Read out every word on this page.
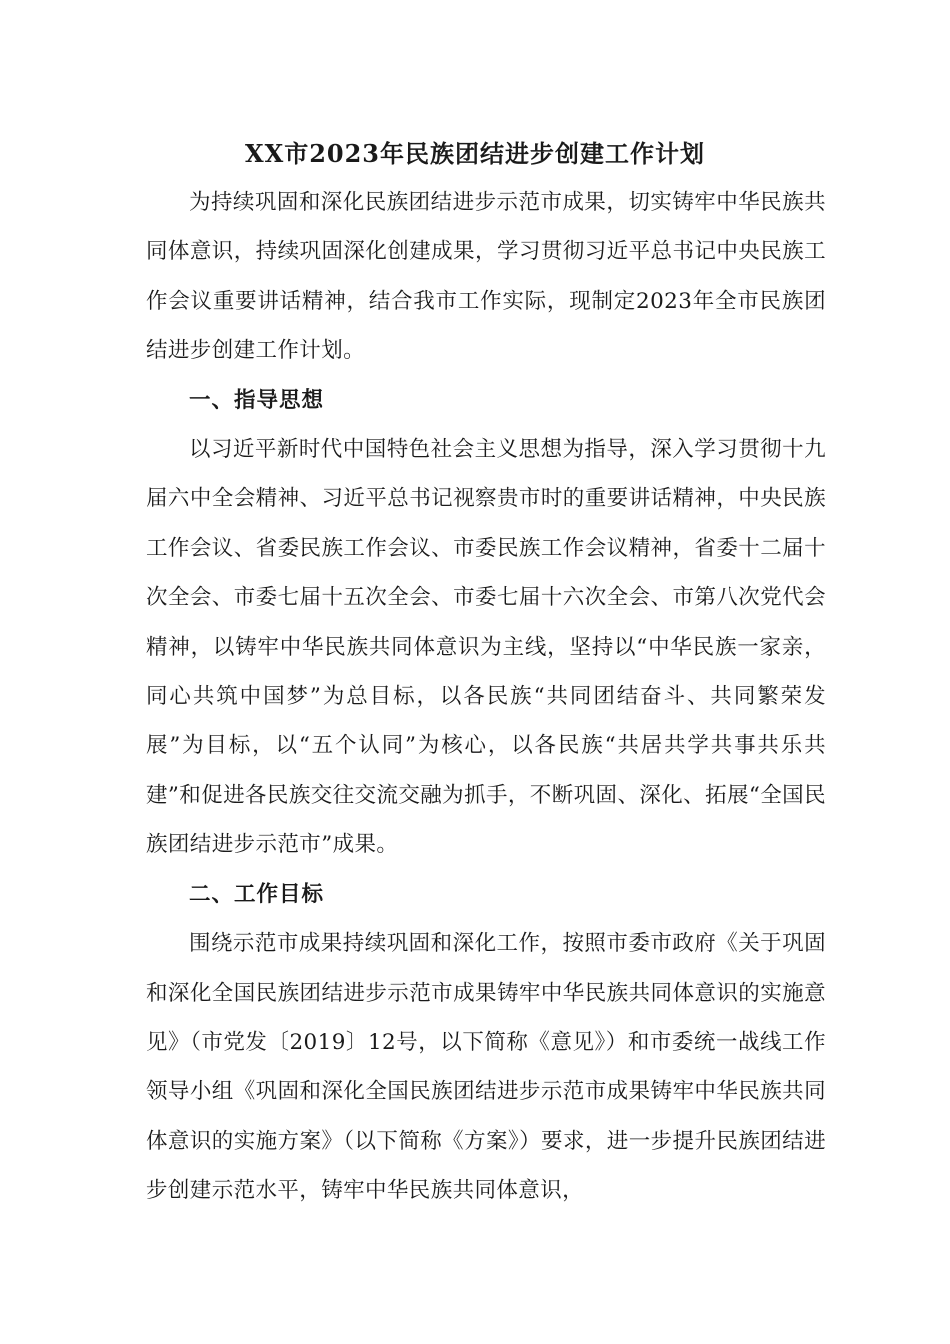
XX市2023年民族团结进步创建工作计划

为持续巩固和深化民族团结进步示范市成果，切实铸牢中华民族共同体意识，持续巩固深化创建成果，学习贯彻习近平总书记中央民族工作会议重要讲话精神，结合我市工作实际，现制定2023年全市民族团结进步创建工作计划。

一、指导思想

以习近平新时代中国特色社会主义思想为指导，深入学习贯彻十九届六中全会精神、习近平总书记视察贵市时的重要讲话精神，中央民族工作会议、省委民族工作会议、市委民族工作会议精神，省委十二届十次全会、市委七届十五次全会、市委七届十六次全会、市第八次党代会精神，以铸牢中华民族共同体意识为主线，坚持以“中华民族一家亲，同心共筑中国梦”为总目标，以各民族“共同团结奋斗、共同繁荣发展”为目标，以“五个认同”为核心，以各民族“共居共学共事共乐共建”和促进各民族交往交流交融为抓手，不断巩固、深化、拓展“全国民族团结进步示范市”成果。

二、工作目标

围绕示范市成果持续巩固和深化工作，按照市委市政府《关于巩固和深化全国民族团结进步示范市成果铸牢中华民族共同体意识的实施意见》（市党发〔2019〕12号，以下简称《意见》）和市委统一战线工作领导小组《巩固和深化全国民族团结进步示范市成果铸牢中华民族共同体意识的实施方案》（以下简称《方案》）要求，进一步提升民族团结进步创建示范水平，铸牢中华民族共同体意识，
